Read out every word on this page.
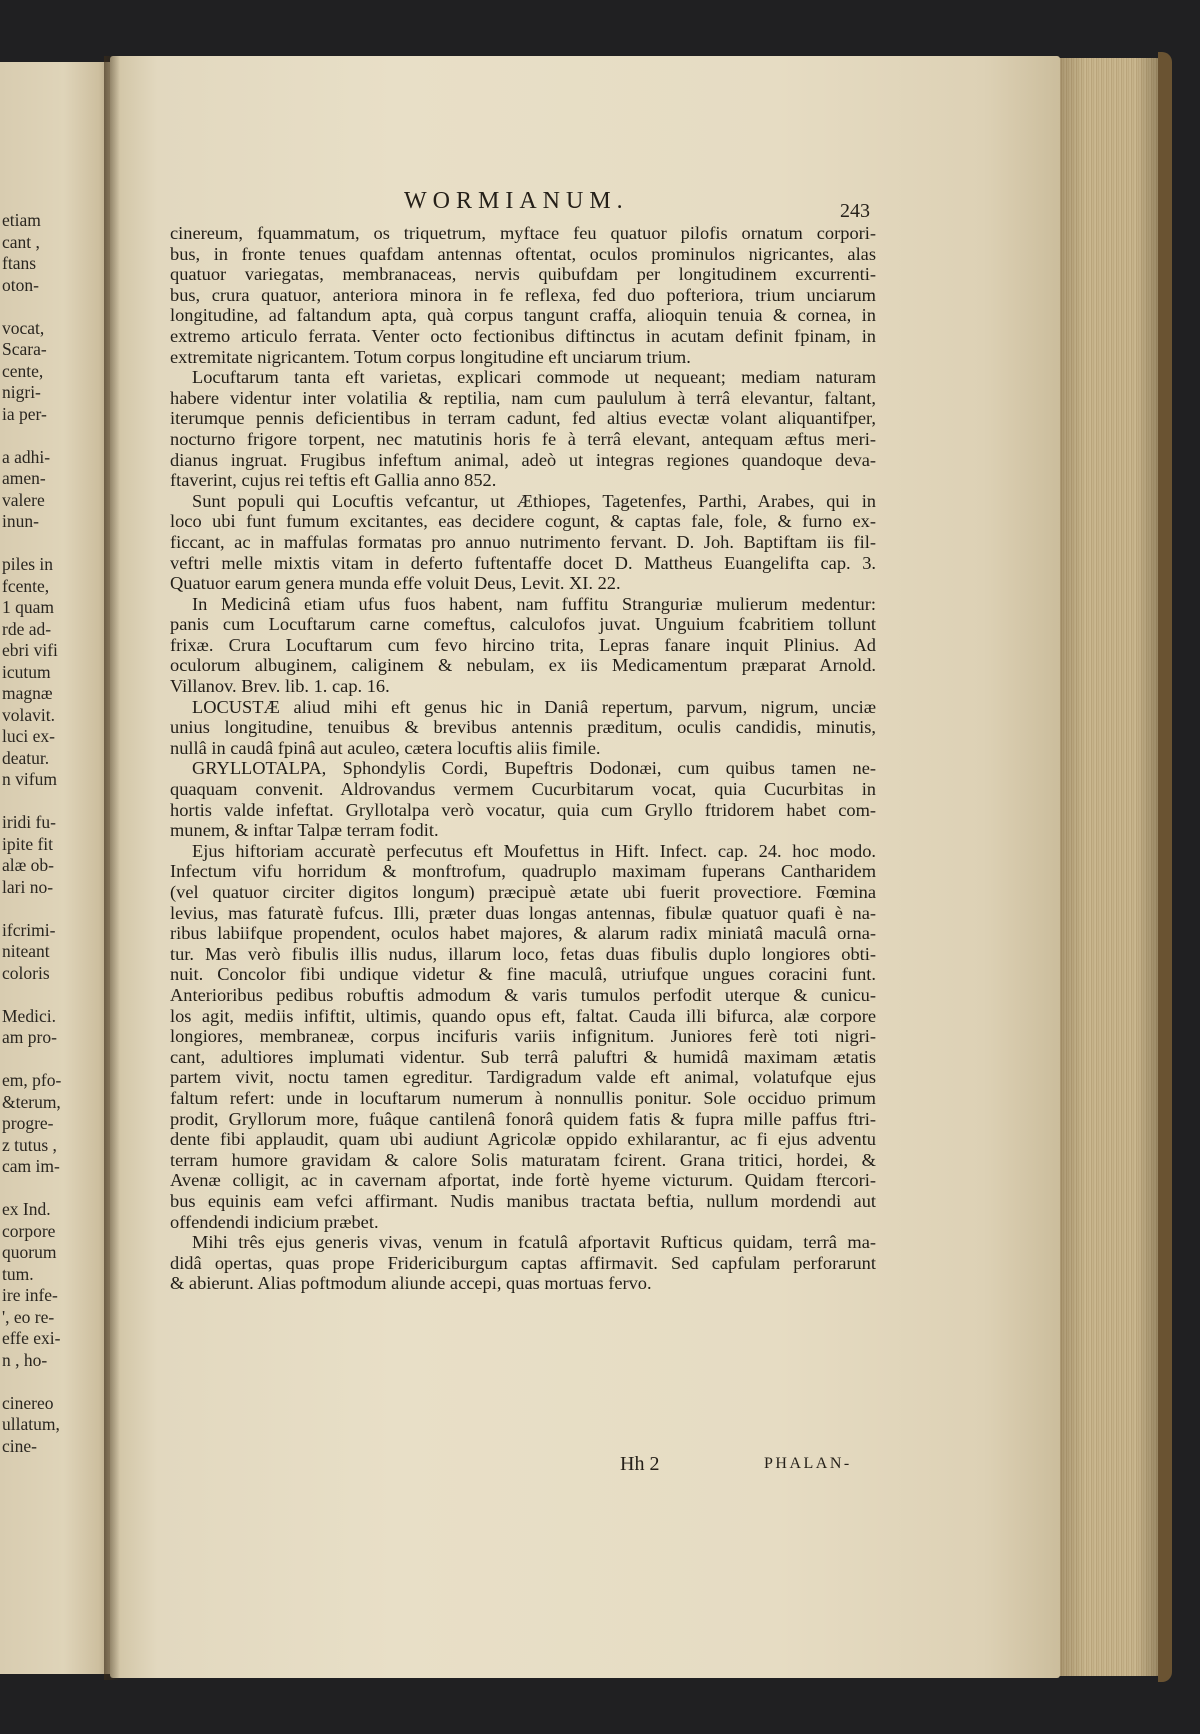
etiam
cant ,
ftans
oton-
vocat,
Scara-
cente,
nigri-
ia per-
a adhi-
amen-
valere
inun-
piles in
fcente,
1 quam
rde ad-
ebri vifi
icutum
magnæ
volavit.
luci ex-
deatur.
n vifum
iridi fu-
ipite fit
alæ ob-
lari no-
ifcrimi-
niteant
coloris
Medici.
am pro-
em, pfo-
&terum,
progre-
z tutus ,
cam im-
ex Ind.
corpore
quorum
tum.
ire infe-
', eo re-
effe exi-
n , ho-
cinereo
ullatum,
cine-
WORMIANUM.	243
cinereum, fquammatum, os triquetrum, myftace feu quatuor pilofis ornatum corpori-
bus, in fronte tenues quafdam antennas oftentat, oculos prominulos nigricantes, alas
quatuor variegatas, membranaceas, nervis quibufdam per longitudinem excurrenti-
bus, crura quatuor, anteriora minora in fe reflexa, fed duo pofteriora, trium unciarum
longitudine, ad faltandum apta, quà corpus tangunt craffa, alioquin tenuia & cornea, in
extremo articulo ferrata. Venter octo fectionibus diftinctus in acutam definit fpinam, in
extremitate nigricantem. Totum corpus longitudine eft unciarum trium.
Locuftarum tanta eft varietas, explicari commode ut nequeant; mediam naturam
habere videntur inter volatilia & reptilia, nam cum paululum à terrâ elevantur, faltant,
iterumque pennis deficientibus in terram cadunt, fed altius evectæ volant aliquantifper,
nocturno frigore torpent, nec matutinis horis fe à terrâ elevant, antequam æftus meri-
dianus ingruat. Frugibus infeftum animal, adeò ut integras regiones quandoque deva-
ftaverint, cujus rei teftis eft Gallia anno 852.
Sunt populi qui Locuftis vefcantur, ut Æthiopes, Tagetenfes, Parthi, Arabes, qui in
loco ubi funt fumum excitantes, eas decidere cogunt, & captas fale, fole, & furno ex-
ficcant, ac in maffulas formatas pro annuo nutrimento fervant. D. Joh. Baptiftam iis fil-
veftri melle mixtis vitam in deferto fuftentaffe docet D. Mattheus Euangelifta cap. 3.
Quatuor earum genera munda effe voluit Deus, Levit. XI. 22.
In Medicinâ etiam ufus fuos habent, nam fuffitu Stranguriæ mulierum medentur:
panis cum Locuftarum carne comeftus, calculofos juvat. Unguium fcabritiem tollunt
frixæ. Crura Locuftarum cum fevo hircino trita, Lepras fanare inquit Plinius. Ad
oculorum albuginem, caliginem & nebulam, ex iis Medicamentum præparat Arnold.
Villanov. Brev. lib. 1. cap. 16.
LOCUSTÆ aliud mihi eft genus hic in Daniâ repertum, parvum, nigrum, unciæ
unius longitudine, tenuibus & brevibus antennis præditum, oculis candidis, minutis,
nullâ in caudâ fpinâ aut aculeo, cætera locuftis aliis fimile.
GRYLLOTALPA, Sphondylis Cordi, Bupeftris Dodonæi, cum quibus tamen ne-
quaquam convenit. Aldrovandus vermem Cucurbitarum vocat, quia Cucurbitas in
hortis valde infeftat. Gryllotalpa verò vocatur, quia cum Gryllo ftridorem habet com-
munem, & inftar Talpæ terram fodit.
Ejus hiftoriam accuratè perfecutus eft Moufettus in Hift. Infect. cap. 24. hoc modo.
Infectum vifu horridum & monftrofum, quadruplo maximam fuperans Cantharidem
(vel quatuor circiter digitos longum) præcipuè ætate ubi fuerit provectiore. Fœmina
levius, mas faturatè fufcus. Illi, præter duas longas antennas, fibulæ quatuor quafi è na-
ribus labiifque propendent, oculos habet majores, & alarum radix miniatâ maculâ orna-
tur. Mas verò fibulis illis nudus, illarum loco, fetas duas fibulis duplo longiores obti-
nuit. Concolor fibi undique videtur & fine maculâ, utriufque ungues coracini funt.
Anterioribus pedibus robuftis admodum & varis tumulos perfodit uterque & cunicu-
los agit, mediis infiftit, ultimis, quando opus eft, faltat. Cauda illi bifurca, alæ corpore
longiores, membraneæ, corpus incifuris variis infignitum. Juniores ferè toti nigri-
cant, adultiores implumati videntur. Sub terrâ paluftri & humidâ maximam ætatis
partem vivit, noctu tamen egreditur. Tardigradum valde eft animal, volatufque ejus
faltum refert: unde in locuftarum numerum à nonnullis ponitur. Sole occiduo primum
prodit, Gryllorum more, fuâque cantilenâ fonorâ quidem fatis & fupra mille paffus ftri-
dente fibi applaudit, quam ubi audiunt Agricolæ oppido exhilarantur, ac fi ejus adventu
terram humore gravidam & calore Solis maturatam fcirent. Grana tritici, hordei, &
Avenæ colligit, ac in cavernam afportat, inde fortè hyeme victurum. Quidam ftercori-
bus equinis eam vefci affirmant. Nudis manibus tractata beftia, nullum mordendi aut
offendendi indicium præbet.
Mihi três ejus generis vivas, venum in fcatulâ afportavit Rufticus quidam, terrâ ma-
didâ opertas, quas prope Fridericiburgum captas affirmavit. Sed capfulam perforarunt
& abierunt. Alias poftmodum aliunde accepi, quas mortuas fervo.
Hh 2	PHALAN-
